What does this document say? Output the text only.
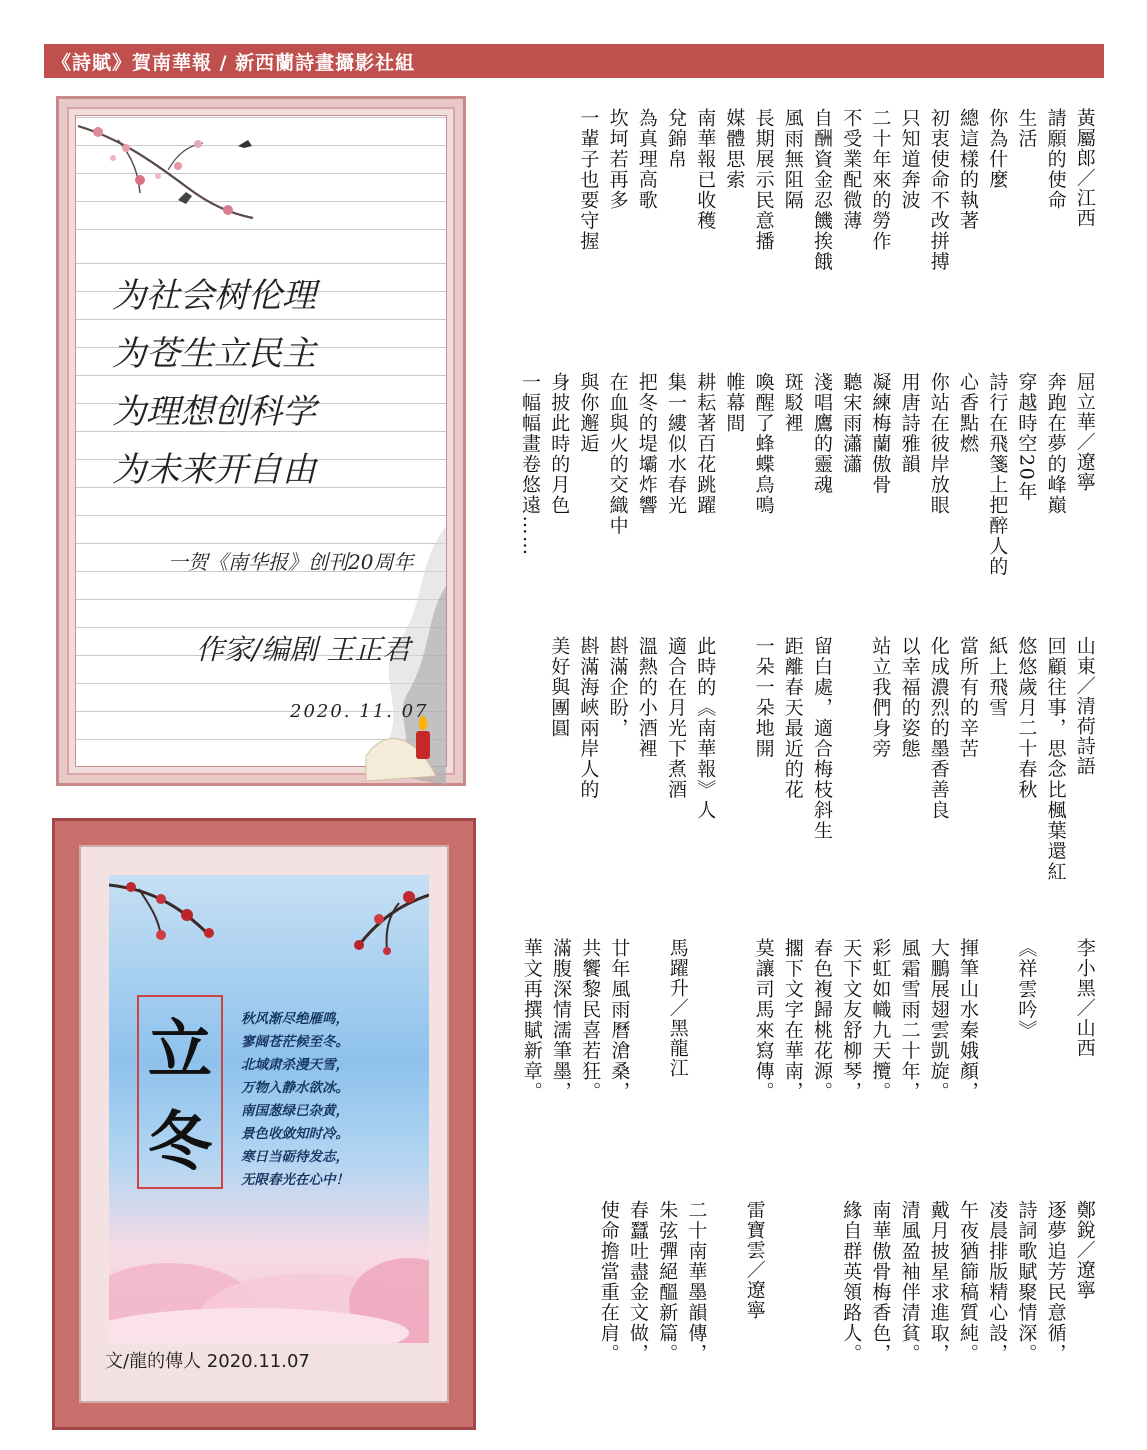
《詩賦》賀南華報 / 新西蘭詩畫攝影社組
为社会树伦理
为苍生立民主
为理想创科学
为未来开自由
一贺《南华报》创刊20周年
作家/编剧 王正君
2020. 11. 07
立
冬
秋风渐尽绝雁鸣，
寥阔苍茫候至冬。
北域肃杀漫天雪，
万物入静水欲冰。
南国葱绿已杂黄，
景色收敛知时冷。
寒日当砺待发志，
无限春光在心中！
文/龍的傳人 2020.11.07
黃屬郎／江西
請願的使命
生活
你為什麼
總這樣的執著
初衷使命不改拼搏
只知道奔波
二十年來的勞作
不受業配微薄
自酬資金忍饑挨餓
風雨無阻隔
長期展示民意播
媒體思索
南華報已收穫
兌錦帛
為真理高歌
坎坷若再多
一輩子也要守握
屈立華／遼寧
奔跑在夢的峰巔
穿越時空20年
詩行在飛箋上把醉人的
心香點燃
你站在彼岸放眼
用唐詩雅韻
凝練梅蘭傲骨
聽宋雨瀟瀟
淺唱鷹的靈魂
斑駁裡
喚醒了蜂蝶鳥鳴
帷幕間
耕耘著百花跳躍
集一縷似水春光
把冬的堤壩炸響
在血與火的交織中
與你邂逅
身披此時的月色
一幅幅畫卷悠遠……
山東／清荷詩語
回顧往事，思念比楓葉還紅
悠悠歲月二十春秋
紙上飛雪
當所有的辛苦
化成濃烈的墨香善良
以幸福的姿態
站立我們身旁
留白處，適合梅枝斜生
距離春天最近的花
一朵一朵地開
此時的《南華報》人
適合在月光下煮酒
溫熱的小酒裡
斟滿企盼，
斟滿海峽兩岸人的
美好與團圓
李小黑／山西
《祥雲吟》
揮筆山水秦娥顏，
大鵬展翅雲凱旋。
風霜雪雨二十年，
彩虹如幟九天攬。
天下文友舒柳琴，
春色複歸桃花源。
擱下文字在華南，
莫讓司馬來寫傳。
馬躍升／黑龍江
廿年風雨曆滄桑，
共饗黎民喜若狂。
滿腹深情濡筆墨，
華文再撰賦新章。
鄭銳／遼寧
逐夢追芳民意循，
詩詞歌賦聚情深。
凌晨排版精心設，
午夜猶篩稿質純。
戴月披星求進取，
清風盈袖伴清貧。
南華傲骨梅香色，
緣自群英領路人。
雷寶雲／遼寧
二十南華墨韻傳，
朱弦彈絕醞新篇。
春蠶吐盡金文做，
使命擔當重在肩。
